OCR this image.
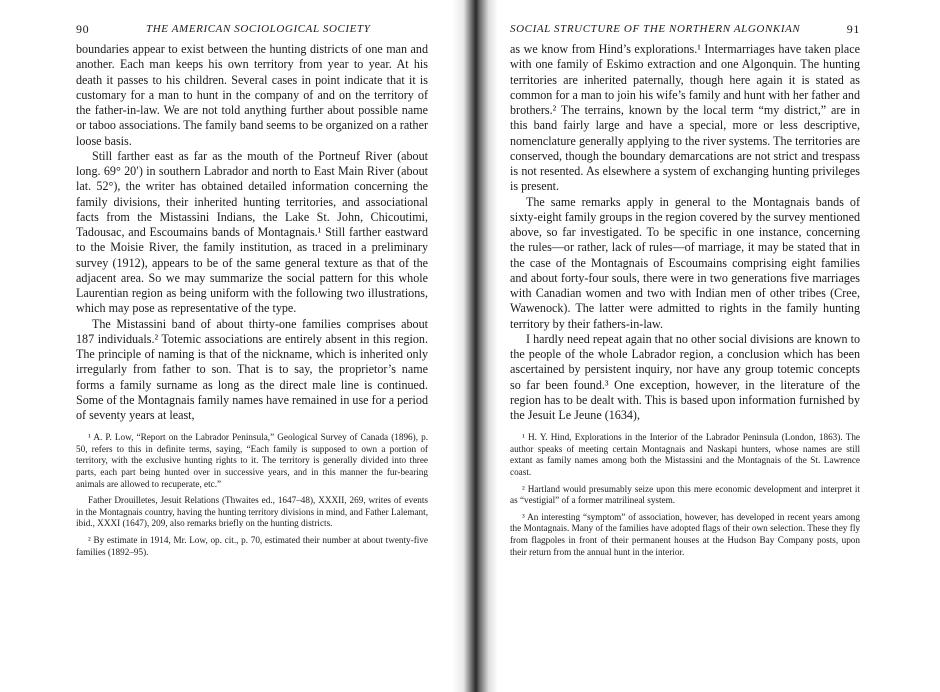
90	THE AMERICAN SOCIOLOGICAL SOCIETY

boundaries appear to exist between the hunting districts of one man and another. Each man keeps his own territory from year to year. At his death it passes to his children. Several cases in point indicate that it is customary for a man to hunt in the company of and on the territory of the father-in-law. We are not told anything further about possible name or taboo associations. The family band seems to be organized on a rather loose basis.

Still farther east as far as the mouth of the Portneuf River (about long. 69° 20′) in southern Labrador and north to East Main River (about lat. 52°), the writer has obtained detailed information concerning the family divisions, their inherited hunting territories, and associational facts from the Mistassini Indians, the Lake St. John, Chicoutimi, Tadousac, and Escoumains bands of Montagnais.¹ Still farther eastward to the Moisie River, the family institution, as traced in a preliminary survey (1912), appears to be of the same general texture as that of the adjacent area. So we may summarize the social pattern for this whole Laurentian region as being uniform with the following two illustrations, which may pose as representative of the type.

The Mistassini band of about thirty-one families comprises about 187 individuals.² Totemic associations are entirely absent in this region. The principle of naming is that of the nickname, which is inherited only irregularly from father to son. That is to say, the proprietor’s name forms a family surname as long as the direct male line is continued. Some of the Montagnais family names have remained in use for a period of seventy years at least,

¹ A. P. Low, “Report on the Labrador Peninsula,” Geological Survey of Canada (1896), p. 50, refers to this in definite terms, saying, “Each family is supposed to own a portion of territory, with the exclusive hunting rights to it. The territory is generally divided into three parts, each part being hunted over in successive years, and in this manner the fur-bearing animals are allowed to recuperate, etc.”

Father Drouilletes, Jesuit Relations (Thwaites ed., 1647–48), XXXII, 269, writes of events in the Montagnais country, having the hunting territory divisions in mind, and Father Lalemant, ibid., XXXI (1647), 209, also remarks briefly on the hunting districts.

² By estimate in 1914, Mr. Low, op. cit., p. 70, estimated their number at about twenty-five families (1892–95).

SOCIAL STRUCTURE OF THE NORTHERN ALGONKIAN	91

as we know from Hind’s explorations.¹ Intermarriages have taken place with one family of Eskimo extraction and one Algonquin. The hunting territories are inherited paternally, though here again it is stated as common for a man to join his wife’s family and hunt with her father and brothers.² The terrains, known by the local term “my district,” are in this band fairly large and have a special, more or less descriptive, nomenclature generally applying to the river systems. The territories are conserved, though the boundary demarcations are not strict and trespass is not resented. As elsewhere a system of exchanging hunting privileges is present.

The same remarks apply in general to the Montagnais bands of sixty-eight family groups in the region covered by the survey mentioned above, so far investigated. To be specific in one instance, concerning the rules—or rather, lack of rules—of marriage, it may be stated that in the case of the Montagnais of Escoumains comprising eight families and about forty-four souls, there were in two generations five marriages with Canadian women and two with Indian men of other tribes (Cree, Wawenock). The latter were admitted to rights in the family hunting territory by their fathers-in-law.

I hardly need repeat again that no other social divisions are known to the people of the whole Labrador region, a conclusion which has been ascertained by persistent inquiry, nor have any group totemic concepts so far been found.³ One exception, however, in the literature of the region has to be dealt with. This is based upon information furnished by the Jesuit Le Jeune (1634),

¹ H. Y. Hind, Explorations in the Interior of the Labrador Peninsula (London, 1863). The author speaks of meeting certain Montagnais and Naskapi hunters, whose names are still extant as family names among both the Mistassini and the Montagnais of the St. Lawrence coast.

² Hartland would presumably seize upon this mere economic development and interpret it as “vestigial” of a former matrilineal system.

³ An interesting “symptom” of association, however, has developed in recent years among the Montagnais. Many of the families have adopted flags of their own selection. These they fly from flagpoles in front of their permanent houses at the Hudson Bay Company posts, upon their return from the annual hunt in the interior.
